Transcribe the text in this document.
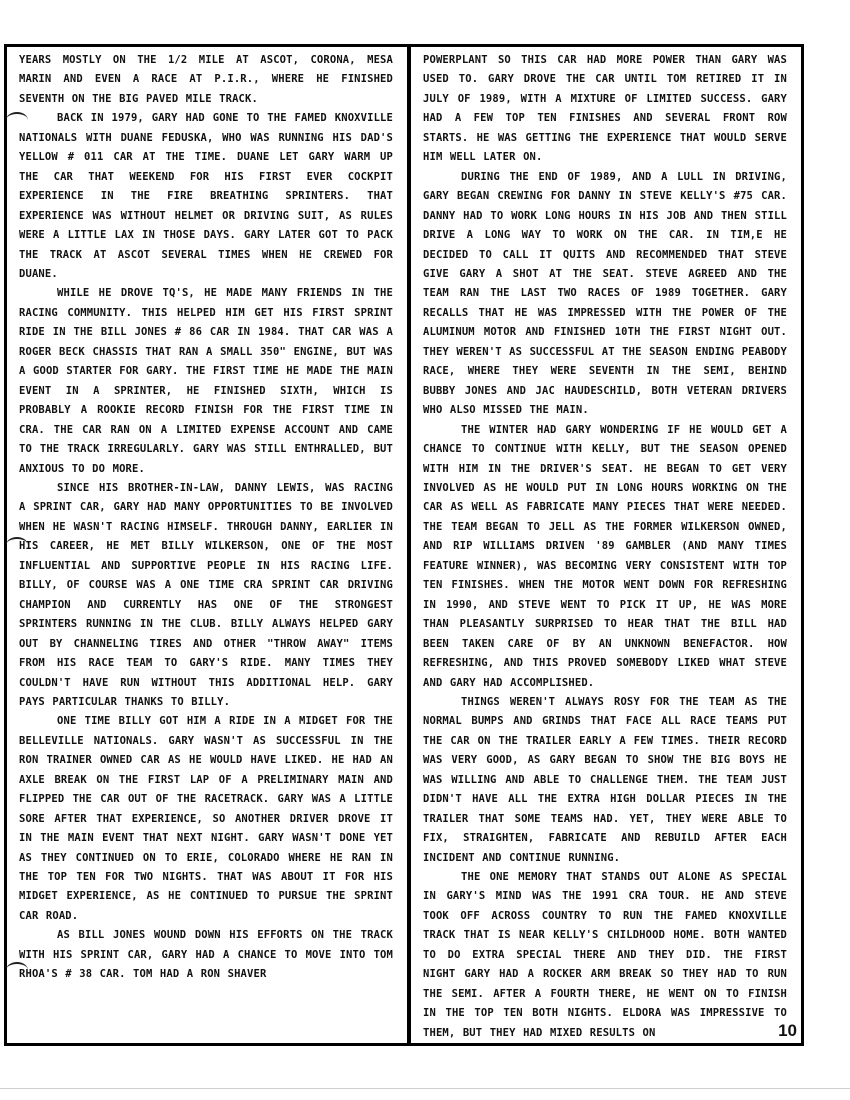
YEARS MOSTLY ON THE 1/2 MILE AT ASCOT, CORONA, MESA MARIN AND EVEN A RACE AT P.I.R., WHERE HE FINISHED SEVENTH ON THE BIG PAVED MILE TRACK.

BACK IN 1979, GARY HAD GONE TO THE FAMED KNOXVILLE NATIONALS WITH DUANE FEDUSKA, WHO WAS RUNNING HIS DAD'S YELLOW # 011 CAR AT THE TIME. DUANE LET GARY WARM UP THE CAR THAT WEEKEND FOR HIS FIRST EVER COCKPIT EXPERIENCE IN THE FIRE BREATHING SPRINTERS. THAT EXPERIENCE WAS WITHOUT HELMET OR DRIVING SUIT, AS RULES WERE A LITTLE LAX IN THOSE DAYS. GARY LATER GOT TO PACK THE TRACK AT ASCOT SEVERAL TIMES WHEN HE CREWED FOR DUANE.

WHILE HE DROVE TQ'S, HE MADE MANY FRIENDS IN THE RACING COMMUNITY. THIS HELPED HIM GET HIS FIRST SPRINT RIDE IN THE BILL JONES # 86 CAR IN 1984. THAT CAR WAS A ROGER BECK CHASSIS THAT RAN A SMALL 350" ENGINE, BUT WAS A GOOD STARTER FOR GARY. THE FIRST TIME HE MADE THE MAIN EVENT IN A SPRINTER, HE FINISHED SIXTH, WHICH IS PROBABLY A ROOKIE RECORD FINISH FOR THE FIRST TIME IN CRA. THE CAR RAN ON A LIMITED EXPENSE ACCOUNT AND CAME TO THE TRACK IRREGULARLY. GARY WAS STILL ENTHRALLED, BUT ANXIOUS TO DO MORE.

SINCE HIS BROTHER-IN-LAW, DANNY LEWIS, WAS RACING A SPRINT CAR, GARY HAD MANY OPPORTUNITIES TO BE INVOLVED WHEN HE WASN'T RACING HIMSELF. THROUGH DANNY, EARLIER IN HIS CAREER, HE MET BILLY WILKERSON, ONE OF THE MOST INFLUENTIAL AND SUPPORTIVE PEOPLE IN HIS RACING LIFE. BILLY, OF COURSE WAS A ONE TIME CRA SPRINT CAR DRIVING CHAMPION AND CURRENTLY HAS ONE OF THE STRONGEST SPRINTERS RUNNING IN THE CLUB. BILLY ALWAYS HELPED GARY OUT BY CHANNELING TIRES AND OTHER "THROW AWAY" ITEMS FROM HIS RACE TEAM TO GARY'S RIDE. MANY TIMES THEY COULDN'T HAVE RUN WITHOUT THIS ADDITIONAL HELP. GARY PAYS PARTICULAR THANKS TO BILLY.

ONE TIME BILLY GOT HIM A RIDE IN A MIDGET FOR THE BELLEVILLE NATIONALS. GARY WASN'T AS SUCCESSFUL IN THE RON TRAINER OWNED CAR AS HE WOULD HAVE LIKED. HE HAD AN AXLE BREAK ON THE FIRST LAP OF A PRELIMINARY MAIN AND FLIPPED THE CAR OUT OF THE RACETRACK. GARY WAS A LITTLE SORE AFTER THAT EXPERIENCE, SO ANOTHER DRIVER DROVE IT IN THE MAIN EVENT THAT NEXT NIGHT. GARY WASN'T DONE YET AS THEY CONTINUED ON TO ERIE, COLORADO WHERE HE RAN IN THE TOP TEN FOR TWO NIGHTS. THAT WAS ABOUT IT FOR HIS MIDGET EXPERIENCE, AS HE CONTINUED TO PURSUE THE SPRINT CAR ROAD.

AS BILL JONES WOUND DOWN HIS EFFORTS ON THE TRACK WITH HIS SPRINT CAR, GARY HAD A CHANCE TO MOVE INTO TOM RHOA'S # 38 CAR. TOM HAD A RON SHAVER

POWERPLANT SO THIS CAR HAD MORE POWER THAN GARY WAS USED TO. GARY DROVE THE CAR UNTIL TOM RETIRED IT IN JULY OF 1989, WITH A MIXTURE OF LIMITED SUCCESS. GARY HAD A FEW TOP TEN FINISHES AND SEVERAL FRONT ROW STARTS. HE WAS GETTING THE EXPERIENCE THAT WOULD SERVE HIM WELL LATER ON.

DURING THE END OF 1989, AND A LULL IN DRIVING, GARY BEGAN CREWING FOR DANNY IN STEVE KELLY'S #75 CAR. DANNY HAD TO WORK LONG HOURS IN HIS JOB AND THEN STILL DRIVE A LONG WAY TO WORK ON THE CAR. IN TIM,E HE DECIDED TO CALL IT QUITS AND RECOMMENDED THAT STEVE GIVE GARY A SHOT AT THE SEAT. STEVE AGREED AND THE TEAM RAN THE LAST TWO RACES OF 1989 TOGETHER. GARY RECALLS THAT HE WAS IMPRESSED WITH THE POWER OF THE ALUMINUM MOTOR AND FINISHED 10TH THE FIRST NIGHT OUT. THEY WEREN'T AS SUCCESSFUL AT THE SEASON ENDING PEABODY RACE, WHERE THEY WERE SEVENTH IN THE SEMI, BEHIND BUBBY JONES AND JAC HAUDESCHILD, BOTH VETERAN DRIVERS WHO ALSO MISSED THE MAIN.

THE WINTER HAD GARY WONDERING IF HE WOULD GET A CHANCE TO CONTINUE WITH KELLY, BUT THE SEASON OPENED WITH HIM IN THE DRIVER'S SEAT. HE BEGAN TO GET VERY INVOLVED AS HE WOULD PUT IN LONG HOURS WORKING ON THE CAR AS WELL AS FABRICATE MANY PIECES THAT WERE NEEDED. THE TEAM BEGAN TO JELL AS THE FORMER WILKERSON OWNED, AND RIP WILLIAMS DRIVEN '89 GAMBLER (AND MANY TIMES FEATURE WINNER), WAS BECOMING VERY CONSISTENT WITH TOP TEN FINISHES. WHEN THE MOTOR WENT DOWN FOR REFRESHING IN 1990, AND STEVE WENT TO PICK IT UP, HE WAS MORE THAN PLEASANTLY SURPRISED TO HEAR THAT THE BILL HAD BEEN TAKEN CARE OF BY AN UNKNOWN BENEFACTOR. HOW REFRESHING, AND THIS PROVED SOMEBODY LIKED WHAT STEVE AND GARY HAD ACCOMPLISHED.

THINGS WEREN'T ALWAYS ROSY FOR THE TEAM AS THE NORMAL BUMPS AND GRINDS THAT FACE ALL RACE TEAMS PUT THE CAR ON THE TRAILER EARLY A FEW TIMES. THEIR RECORD WAS VERY GOOD, AS GARY BEGAN TO SHOW THE BIG BOYS HE WAS WILLING AND ABLE TO CHALLENGE THEM. THE TEAM JUST DIDN'T HAVE ALL THE EXTRA HIGH DOLLAR PIECES IN THE TRAILER THAT SOME TEAMS HAD. YET, THEY WERE ABLE TO FIX, STRAIGHTEN, FABRICATE AND REBUILD AFTER EACH INCIDENT AND CONTINUE RUNNING.

THE ONE MEMORY THAT STANDS OUT ALONE AS SPECIAL IN GARY'S MIND WAS THE 1991 CRA TOUR. HE AND STEVE TOOK OFF ACROSS COUNTRY TO RUN THE FAMED KNOXVILLE TRACK THAT IS NEAR KELLY'S CHILDHOOD HOME. BOTH WANTED TO DO EXTRA SPECIAL THERE AND THEY DID. THE FIRST NIGHT GARY HAD A ROCKER ARM BREAK SO THEY HAD TO RUN THE SEMI. AFTER A FOURTH THERE, HE WENT ON TO FINISH IN THE TOP TEN BOTH NIGHTS. ELDORA WAS IMPRESSIVE TO THEM, BUT THEY HAD MIXED RESULTS ON	10
